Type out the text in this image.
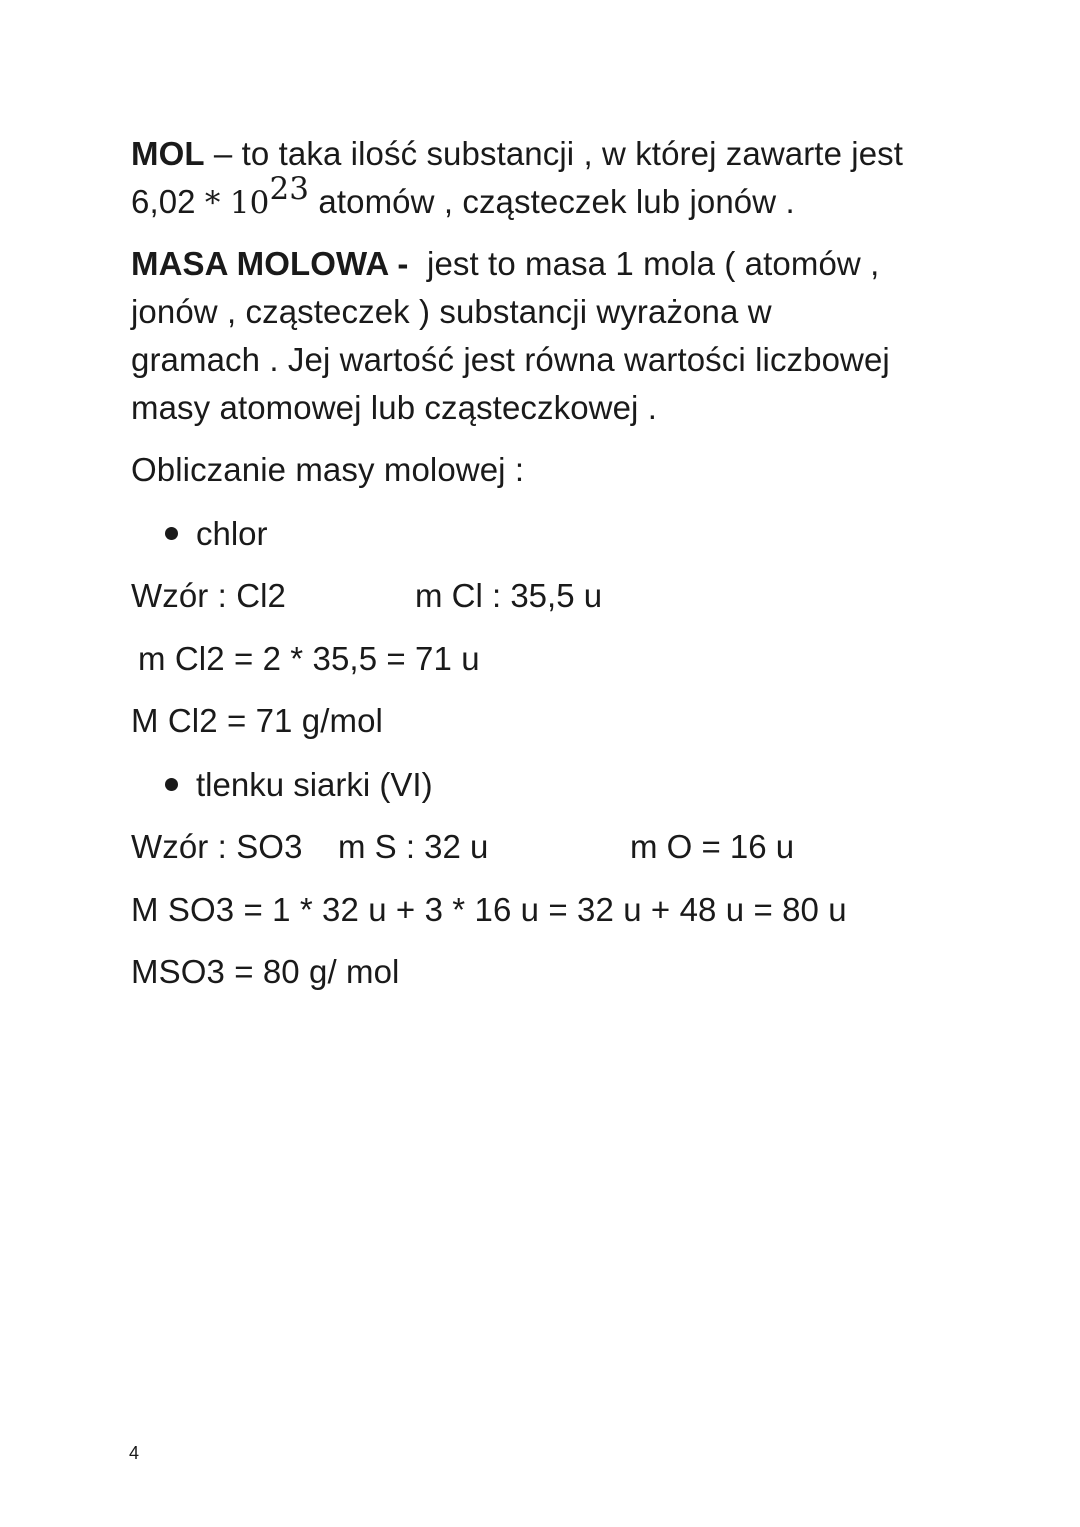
MOL – to taka ilość substancji , w której zawarte jest
$6,02 * 10^{23}$ atomów , cząsteczek lub jonów .
MASA MOLOWA - jest to masa 1 mola ( atomów ,
jonów , cząsteczek ) substancji wyrażona w
gramach . Jej wartość jest równa wartości liczbowej
masy atomowej lub cząsteczkowej .
Obliczanie masy molowej :
chlor
Wzór : Cl2	m Cl : 35,5 u
m Cl2 = 2 * 35,5 = 71 u
M Cl2 = 71 g/mol
tlenku siarki (VI)
Wzór : SO3 m S : 32 u	m O = 16 u
M SO3 = 1 * 32 u + 3 * 16 u = 32 u + 48 u = 80 u
MSO3 = 80 g/ mol
4
